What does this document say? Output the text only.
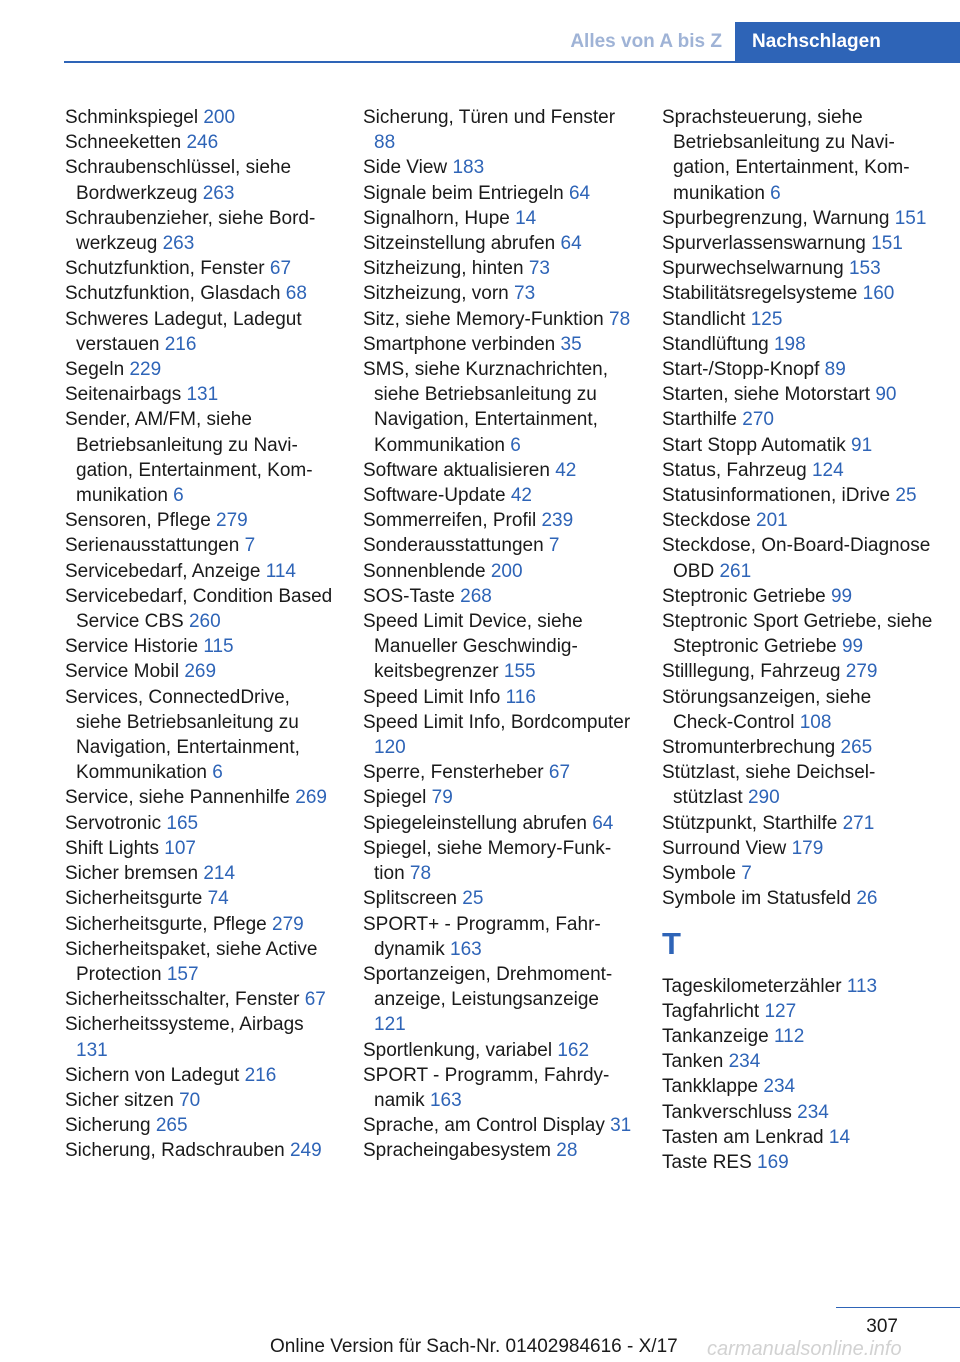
Alles von A bis Z	Nachschlagen
Schminkspiegel 200
Schneeketten 246
Schraubenschlüssel, siehe Bordwerkzeug 263
Schraubenzieher, siehe Bordwerkzeug 263
Schutzfunktion, Fenster 67
Schutzfunktion, Glasdach 68
Schweres Ladegut, Ladegut verstauen 216
Segeln 229
Seitenairbags 131
Sender, AM/FM, siehe Betriebsanleitung zu Navigation, Entertainment, Kommunikation 6
Sensoren, Pflege 279
Serienausstattungen 7
Servicebedarf, Anzeige 114
Servicebedarf, Condition Based Service CBS 260
Service Historie 115
Service Mobil 269
Services, ConnectedDrive, siehe Betriebsanleitung zu Navigation, Entertainment, Kommunikation 6
Service, siehe Pannenhilfe 269
Servotronic 165
Shift Lights 107
Sicher bremsen 214
Sicherheitsgurte 74
Sicherheitsgurte, Pflege 279
Sicherheitspaket, siehe Active Protection 157
Sicherheitsschalter, Fenster 67
Sicherheitssysteme, Airbags 131
Sichern von Ladegut 216
Sicher sitzen 70
Sicherung 265
Sicherung, Radschrauben 249
Sicherung, Türen und Fenster 88
Side View 183
Signale beim Entriegeln 64
Signalhorn, Hupe 14
Sitzeinstellung abrufen 64
Sitzheizung, hinten 73
Sitzheizung, vorn 73
Sitz, siehe Memory-Funktion 78
Smartphone verbinden 35
SMS, siehe Kurznachrichten, siehe Betriebsanleitung zu Navigation, Entertainment, Kommunikation 6
Software aktualisieren 42
Software-Update 42
Sommerreifen, Profil 239
Sonderausstattungen 7
Sonnenblende 200
SOS-Taste 268
Speed Limit Device, siehe Manueller Geschwindigkeitsbegrenzer 155
Speed Limit Info 116
Speed Limit Info, Bordcomputer 120
Sperre, Fensterheber 67
Spiegel 79
Spiegeleinstellung abrufen 64
Spiegel, siehe Memory-Funktion 78
Splitscreen 25
SPORT+ - Programm, Fahrdynamik 163
Sportanzeigen, Drehmomentanzeige, Leistungsanzeige 121
Sportlenkung, variabel 162
SPORT - Programm, Fahrdynamik 163
Sprache, am Control Display 31
Spracheingabesystem 28
Sprachsteuerung, siehe Betriebsanleitung zu Navigation, Entertainment, Kommunikation 6
Spurbegrenzung, Warnung 151
Spurverlassenswarnung 151
Spurwechselwarnung 153
Stabilitätsregelsysteme 160
Standlicht 125
Standlüftung 198
Start-/Stopp-Knopf 89
Starten, siehe Motorstart 90
Starthilfe 270
Start Stopp Automatik 91
Status, Fahrzeug 124
Statusinformationen, iDrive 25
Steckdose 201
Steckdose, On-Board-Diagnose OBD 261
Steptronic Getriebe 99
Steptronic Sport Getriebe, siehe Steptronic Getriebe 99
Stilllegung, Fahrzeug 279
Störungsanzeigen, siehe Check-Control 108
Stromunterbrechung 265
Stützlast, siehe Deichselstützlast 290
Stützpunkt, Starthilfe 271
Surround View 179
Symbole 7
Symbole im Statusfeld 26
T
Tageskilometerzähler 113
Tagfahrlicht 127
Tankanzeige 112
Tanken 234
Tankklappe 234
Tankverschluss 234
Tasten am Lenkrad 14
Taste RES 169
307
Online Version für Sach-Nr. 01402984616 - X/17 carmanualsonline.info
